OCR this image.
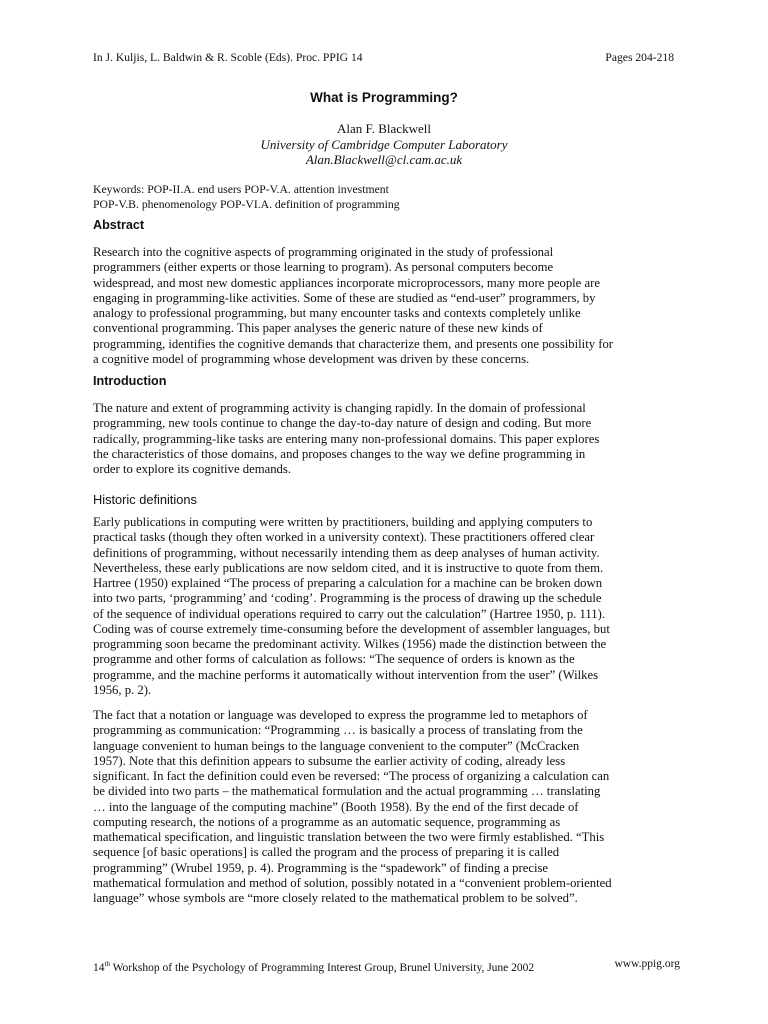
In J. Kuljis, L. Baldwin & R. Scoble (Eds). Proc. PPIG 14	Pages 204-218
What is Programming?
Alan F. Blackwell
University of Cambridge Computer Laboratory
Alan.Blackwell@cl.cam.ac.uk
Keywords: POP-II.A. end users POP-V.A. attention investment
POP-V.B. phenomenology POP-VI.A. definition of programming
Abstract
Research into the cognitive aspects of programming originated in the study of professional
programmers (either experts or those learning to program). As personal computers become
widespread, and most new domestic appliances incorporate microprocessors, many more people are
engaging in programming-like activities. Some of these are studied as “end-user” programmers, by
analogy to professional programming, but many encounter tasks and contexts completely unlike
conventional programming. This paper analyses the generic nature of these new kinds of
programming, identifies the cognitive demands that characterize them, and presents one possibility for
a cognitive model of programming whose development was driven by these concerns.
Introduction
The nature and extent of programming activity is changing rapidly. In the domain of professional
programming, new tools continue to change the day-to-day nature of design and coding. But more
radically, programming-like tasks are entering many non-professional domains. This paper explores
the characteristics of those domains, and proposes changes to the way we define programming in
order to explore its cognitive demands.
Historic definitions
Early publications in computing were written by practitioners, building and applying computers to
practical tasks (though they often worked in a university context). These practitioners offered clear
definitions of programming, without necessarily intending them as deep analyses of human activity.
Nevertheless, these early publications are now seldom cited, and it is instructive to quote from them.
Hartree (1950) explained “The process of preparing a calculation for a machine can be broken down
into two parts, ‘programming’ and ‘coding’. Programming is the process of drawing up the schedule
of the sequence of individual operations required to carry out the calculation” (Hartree 1950, p. 111).
Coding was of course extremely time-consuming before the development of assembler languages, but
programming soon became the predominant activity. Wilkes (1956) made the distinction between the
programme and other forms of calculation as follows: “The sequence of orders is known as the
programme, and the machine performs it automatically without intervention from the user” (Wilkes
1956, p. 2).
The fact that a notation or language was developed to express the programme led to metaphors of
programming as communication: “Programming … is basically a process of translating from the
language convenient to human beings to the language convenient to the computer” (McCracken
1957). Note that this definition appears to subsume the earlier activity of coding, already less
significant. In fact the definition could even be reversed: “The process of organizing a calculation can
be divided into two parts – the mathematical formulation and the actual programming … translating
… into the language of the computing machine” (Booth 1958). By the end of the first decade of
computing research, the notions of a programme as an automatic sequence, programming as
mathematical specification, and linguistic translation between the two were firmly established. “This
sequence [of basic operations] is called the program and the process of preparing it is called
programming” (Wrubel 1959, p. 4). Programming is the “spadework” of finding a precise
mathematical formulation and method of solution, possibly notated in a “convenient problem-oriented
language” whose symbols are “more closely related to the mathematical problem to be solved”.
14th Workshop of the Psychology of Programming Interest Group, Brunel University, June 2002	www.ppig.org
